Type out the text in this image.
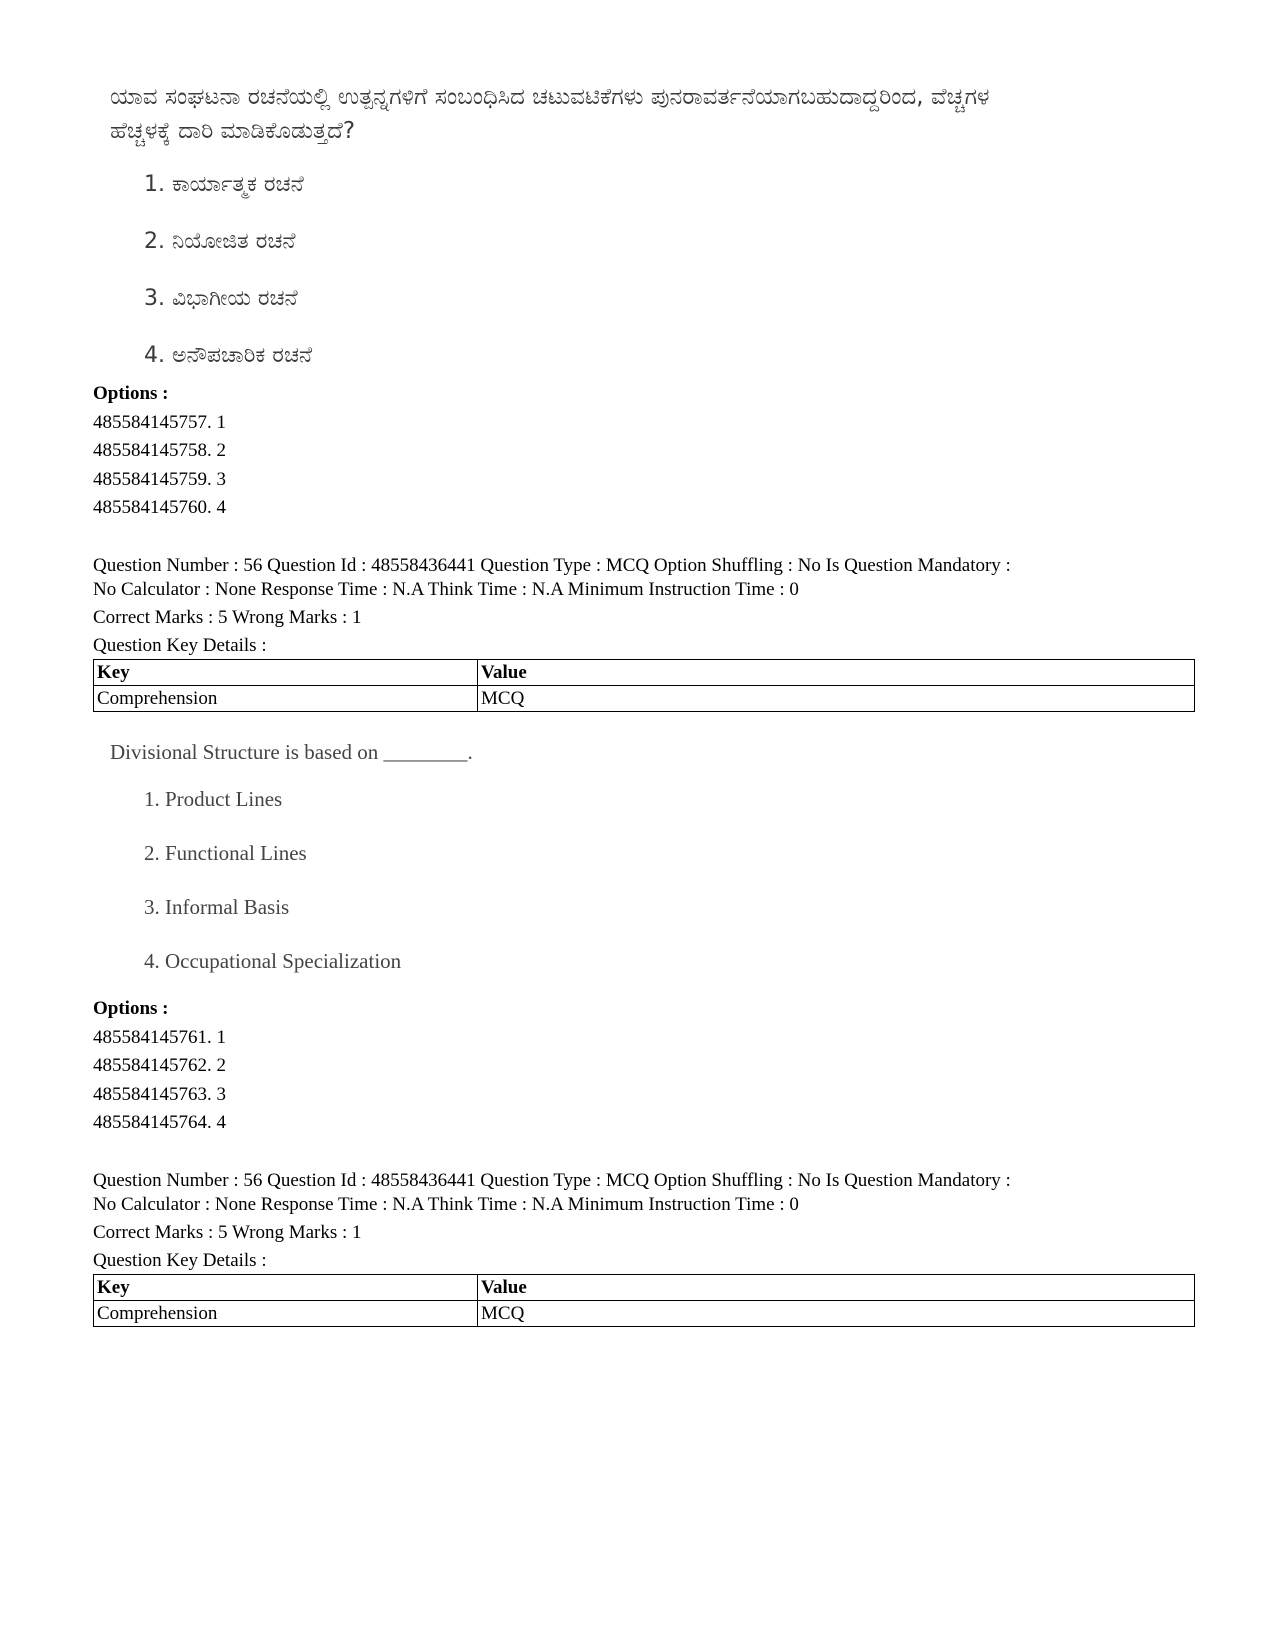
ಯಾವ ಸಂಘಟನಾ ರಚನೆಯಲ್ಲಿ ಉತ್ಪನ್ನಗಳಿಗೆ ಸಂಬಂಧಿಸಿದ ಚಟುವಟಿಕೆಗಳು ಪುನರಾವರ್ತನೆಯಾಗಬಹುದಾದ್ದರಿಂದ, ವೆಚ್ಚಗಳ ಹೆಚ್ಚಳಕ್ಕೆ ದಾರಿ ಮಾಡಿಕೊಡುತ್ತದೆ?

1. ಕಾರ್ಯಾತ್ಮಕ ರಚನೆ
2. ನಿಯೋಜಿತ ರಚನೆ
3. ವಿಭಾಗೀಯ ರಚನೆ
4. ಅನೌಪಚಾರಿಕ ರಚನೆ
Options :
485584145757. 1
485584145758. 2
485584145759. 3
485584145760. 4
Question Number : 56 Question Id : 48558436441 Question Type : MCQ Option Shuffling : No Is Question Mandatory :
No Calculator : None Response Time : N.A Think Time : N.A Minimum Instruction Time : 0
Correct Marks : 5 Wrong Marks : 1
Question Key Details :
Key	Value
Comprehension	MCQ

Divisional Structure is based on ________.

1. Product Lines
2. Functional Lines
3. Informal Basis
4. Occupational Specialization
Options :
485584145761. 1
485584145762. 2
485584145763. 3
485584145764. 4
Question Number : 56 Question Id : 48558436441 Question Type : MCQ Option Shuffling : No Is Question Mandatory :
No Calculator : None Response Time : N.A Think Time : N.A Minimum Instruction Time : 0
Correct Marks : 5 Wrong Marks : 1
Question Key Details :
Key	Value
Comprehension	MCQ
